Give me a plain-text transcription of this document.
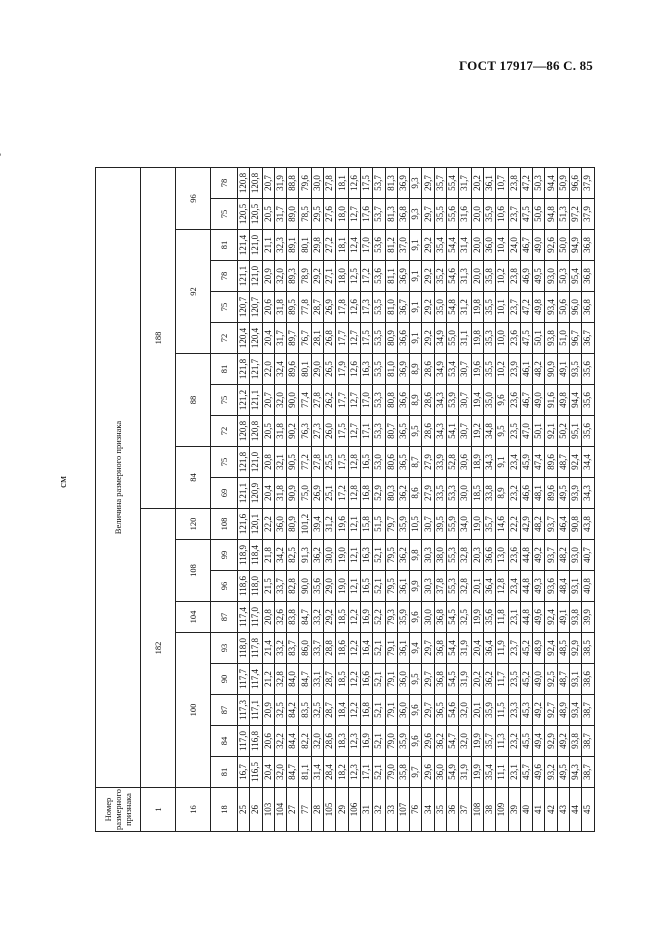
ГОСТ 17917—86 С. 85
см
Номер размерного признака	Величина размерного признака																			
1	182									188										
16	100					104	108		120	84		88			92				96	
18	81	84	87	90	93	87	96	99	108	69	75	72	75	81	72	75	78	81	75	78
25	16,7	117,0	117,3	117,7	118,0	117,4	118,6	118,9	121,6	121,1	121,8	120,8	121,2	121,8	120,4	120,7	121,1	121,4	120,5	120,8
26	116,5	116,8	117,1	117,4	117,8	117,0	118,0	118,4	120,1	120,9	121,0	120,8	121,1	121,7	120,4	120,7	121,0	121,0	120,5	120,8
103	20,4	20,6	20,9	21,2	21,4	20,8	21,5	21,8	22,2	20,4	20,8	20,5	20,7	22,0	20,4	20,6	20,9	21,1	20,5	20,7
104	32,0	32,2	32,5	32,8	33,2	32,6	33,7	34,2	36,0	31,8	32,1	31,8	32,0	32,4	31,7	31,8	32,0	32,3	31,7	31,9
27	84,7	84,4	84,2	84,0	83,7	83,8	82,8	82,5	80,9	90,9	90,5	90,2	90,0	89,6	89,7	89,5	89,3	89,1	89,0	88,8
77	81,1	82,2	83,5	84,7	86,0	84,7	90,0	91,3	101,2	75,0	77,2	76,3	77,4	80,1	76,7	77,8	78,9	80,1	78,5	79,6
28	31,4	32,0	32,5	33,1	33,7	33,2	35,6	36,2	39,4	26,9	27,8	27,3	27,8	29,0	28,1	28,7	29,2	29,8	29,5	30,0
105	28,4	28,6	28,7	28,7	28,8	29,2	29,0	30,0	31,2	25,1	25,5	26,0	26,2	26,5	26,8	26,9	27,1	27,2	27,6	27,8
29	18,2	18,3	18,4	18,5	18,6	18,5	19,0	19,0	19,6	17,2	17,5	17,5	17,7	17,9	17,7	17,8	18,0	18,1	18,0	18,1
106	12,3	12,3	12,2	12,2	12,2	12,2	12,1	12,1	12,1	12,8	12,8	12,7	12,7	12,6	12,7	12,6	12,5	12,4	12,7	12,6
31	17,1	16,9	16,8	16,6	16,4	16,9	16,5	16,3	15,8	16,8	16,5	17,1	17,0	16,3	17,5	17,3	17,2	17,0	17,6	17,5
32	52,1	52,1	52,1	52,1	52,1	52,2	52,1	52,1	51,5	52,9	53,0	53,3	53,3	53,5	53,5	53,5	53,6	53,6	53,7	53,7
33	79,0	79,0	79,1	79,1	79,1	79,3	79,5	79,5	79,7	80,3	80,6	80,7	80,8	81,0	80,9	81,0	81,1	81,2	81,3	81,3
107	35,8	35,9	36,0	36,0	36,1	35,9	36,1	36,2	35,9	36,2	36,5	36,5	36,6	36,9	36,6	36,7	36,9	37,0	36,8	36,9
76	9,7	9,6	9,6	9,5	9,4	9,6	9,9	9,8	10,5	8,6	8,7	9,5	8,9	8,9	9,1	9,1	9,1	9,1	9,3	9,3
34	29,6	29,6	29,7	29,7	29,7	30,0	30,3	30,3	30,7	27,9	27,9	28,6	28,6	28,6	29,2	29,2	29,2	29,2	29,7	29,7
35	36,0	36,2	36,5	36,8	36,8	36,8	37,8	38,0	39,5	33,5	33,9	34,3	34,3	34,9	34,9	35,0	35,2	35,4	35,5	35,7
36	54,9	54,7	54,6	54,5	54,4	54,5	55,3	55,3	55,9	53,3	52,8	54,1	53,9	53,4	55,0	54,8	54,6	54,4	55,6	55,4
37	31,9	32,0	32,0	31,9	31,9	32,5	32,8	32,8	34,0	30,0	30,6	30,7	30,7	30,7	31,1	31,2	31,3	31,4	31,6	31,7
108	19,9	19,9	20,1	20,2	20,4	19,9	20,1	20,3	19,0	18,5	18,9	19,2	19,4	19,6	19,8	19,8	20,0	20,0	20,0	20,2
38	35,4	35,7	35,9	36,2	36,4	35,6	36,4	36,6	35,7	33,8	34,3	34,8	35,0	35,5	35,3	35,5	35,8	36,0	35,9	36,1
109	11,1	11,3	11,5	11,7	11,9	11,8	12,8	13,0	14,6	8,9	9,1	9,5	9,6	10,2	10,0	10,1	10,2	10,4	10,6	10,7
39	23,1	23,2	23,3	23,5	23,7	23,1	23,4	23,6	22,2	23,2	23,4	23,5	23,6	23,9	23,6	23,7	23,8	24,0	23,7	23,8
40	45,7	45,5	45,3	45,2	45,2	44,8	44,8	44,8	42,9	46,6	45,9	47,0	46,7	46,1	47,5	47,2	46,9	46,7	47,5	47,2
41	49,6	49,4	49,2	49,0	48,9	49,6	49,3	49,2	48,2	48,1	47,4	50,1	49,0	48,2	50,1	49,8	49,5	49,0	50,6	50,3
42	93,2	92,9	92,7	92,5	92,4	92,4	93,6	93,7	93,7	89,6	89,6	92,1	91,6	90,9	93,8	93,4	93,0	92,6	94,8	94,4
43	49,5	49,2	48,9	48,7	48,5	49,1	48,4	48,2	46,4	49,5	48,7	50,2	49,8	49,1	51,0	50,6	50,3	50,0	51,3	50,9
44	94,3	93,8	93,4	93,1	92,9	93,8	93,1	93,0	90,8	93,9	92,4	95,1	94,4	93,5	96,7	96,0	95,4	94,9	97,2	96,6
45	38,7	38,7	38,7	38,6	38,5	39,9	40,8	40,7	43,8	34,3	34,4	35,6	35,6	35,6	36,7	36,8	36,8	36,8	37,9	37,9
